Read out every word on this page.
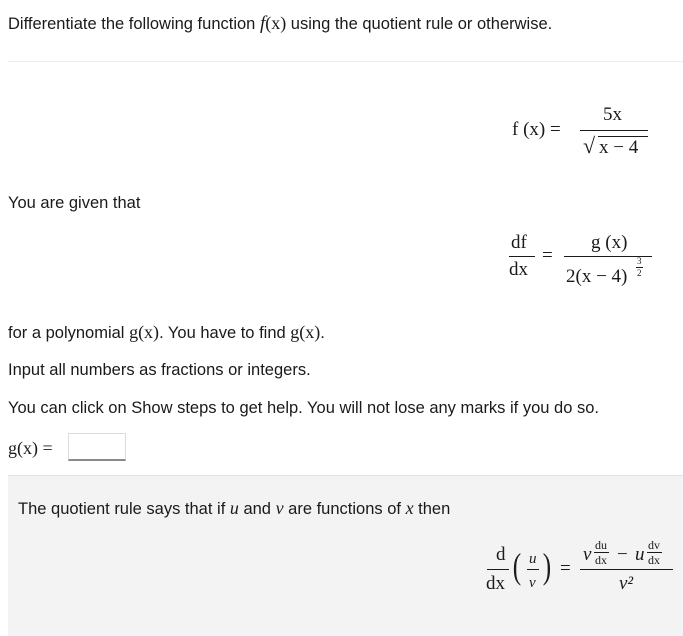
Differentiate the following function f(x) using the quotient rule or otherwise.
f (x) =
5x
√ x − 4
You are given that
df
dx
=
g (x)
2(x − 4)
3
2
for a polynomial g(x). You have to find g(x).
Input all numbers as fractions or integers.
You can click on Show steps to get help. You will not lose any marks if you do so.
g(x) =
The quotient rule says that if u and v are functions of x then
d
dx ( u
v ) =
v du
dx − u dv
dx
v²
